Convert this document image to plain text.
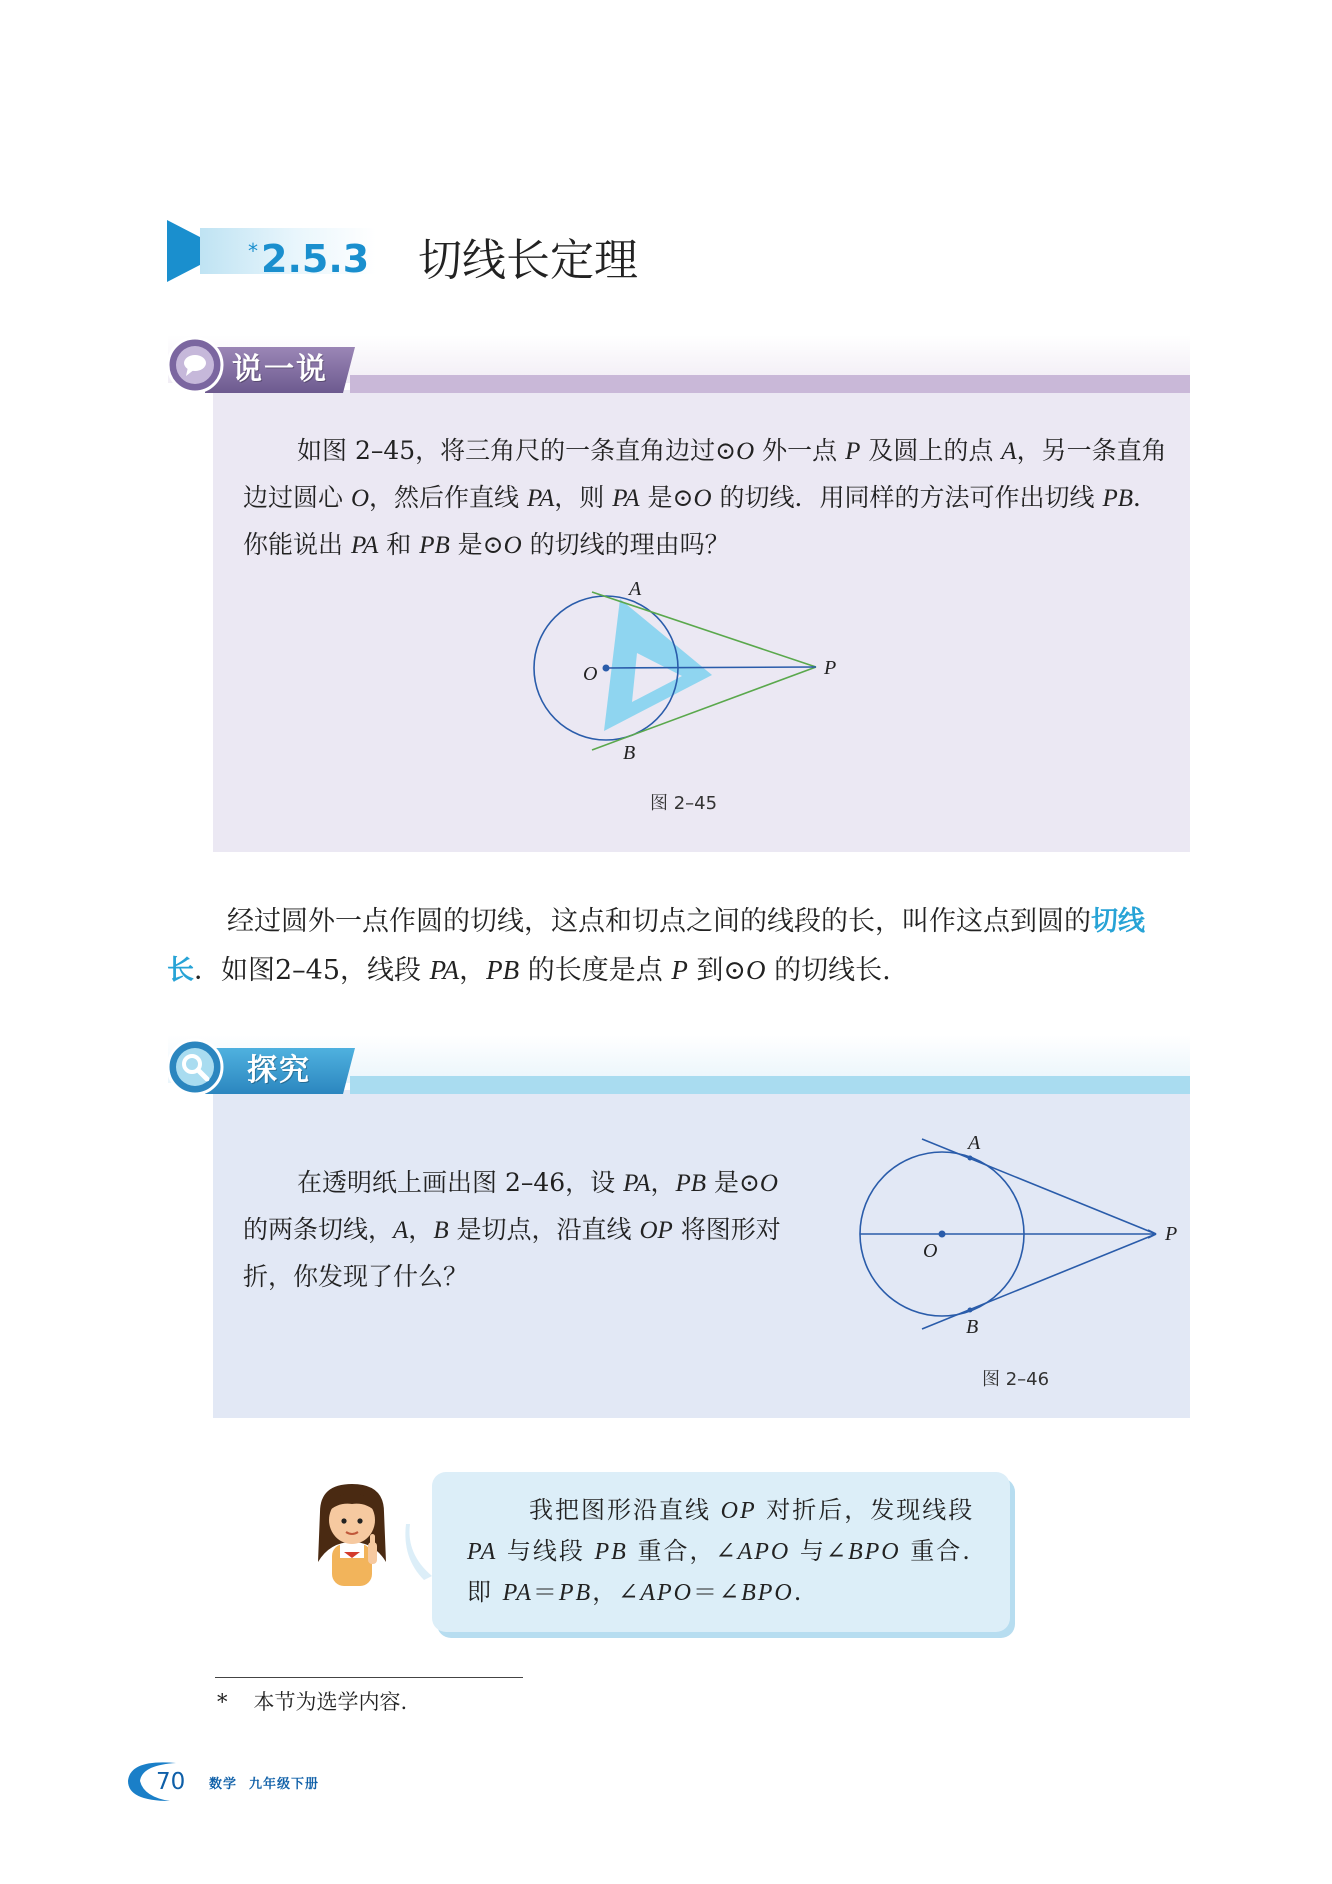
*2.5.3 切线长定理
说一说
如图 2–45，将三角尺的一条直角边过⊙O 外一点 P 及圆上的点 A，另一条直角边过圆心 O，然后作直线 PA，则 PA 是⊙O 的切线．用同样的方法可作出切线 PB．你能说出 PA 和 PB 是⊙O 的切线的理由吗？
A
O	P
B
图 2–45
经过圆外一点作圆的切线，这点和切点之间的线段的长，叫作这点到圆的切线长．如图2–45，线段 PA，PB 的长度是点 P 到⊙O 的切线长.
探究
在透明纸上画出图 2–46，设 PA，PB 是⊙O 的两条切线，A，B 是切点，沿直线 OP 将图形对折，你发现了什么？
A
O
P
B
图 2–46
我把图形沿直线 OP 对折后，发现线段 PA 与线段 PB 重合，∠APO 与∠BPO 重合.即 PA＝PB，∠APO＝∠BPO.
* 本节为选学内容.
70 数学 九年级下册
